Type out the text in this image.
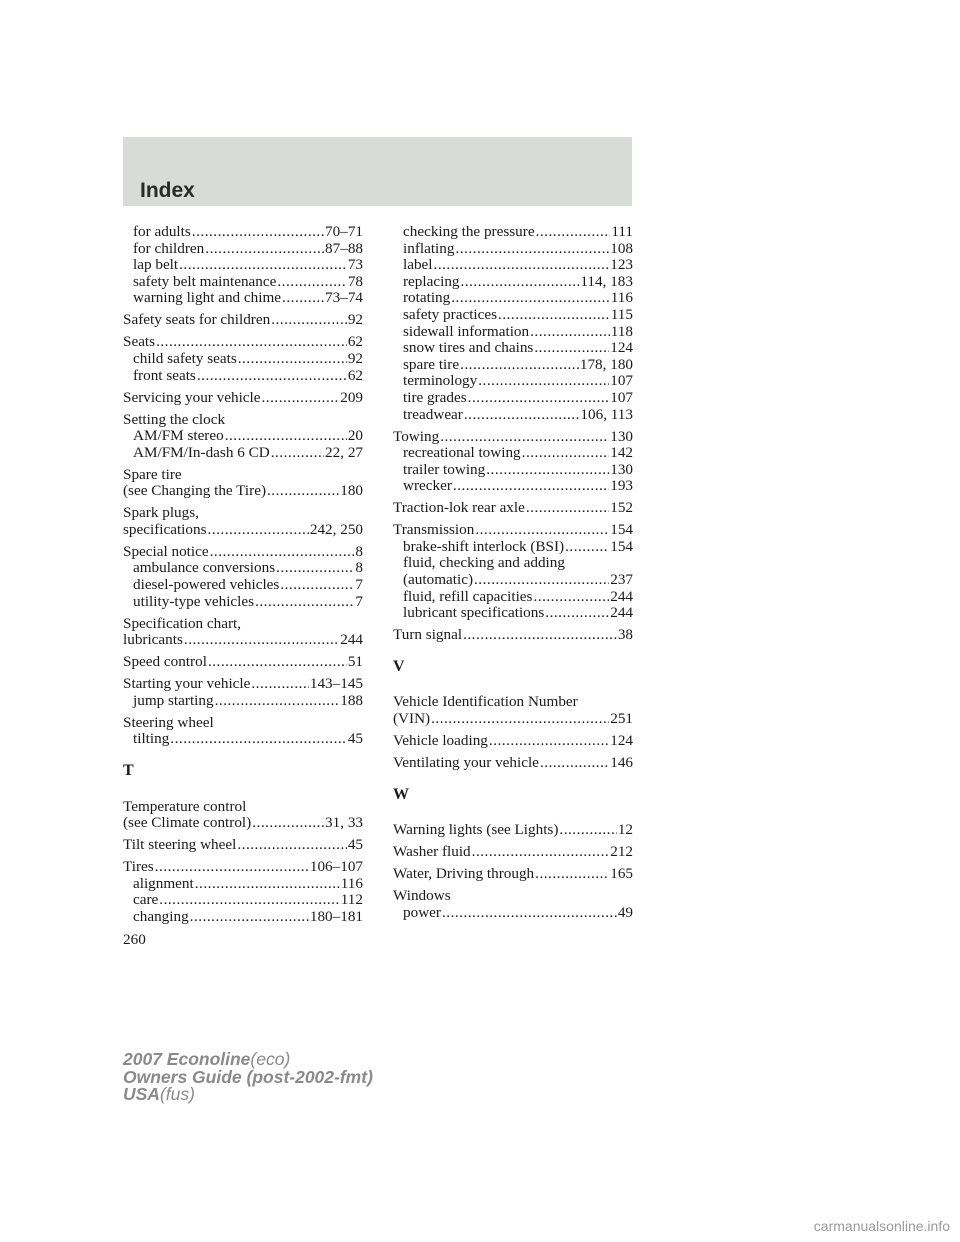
Index
for adults .....	70–71
for children .....	87–88
lap belt .....	73
safety belt maintenance .....	78
warning light and chime .....	73–74
Safety seats for children .....	92
Seats .....	62
child safety seats .....	92
front seats .....	62
Servicing your vehicle .....	209
Setting the clock
AM/FM stereo .....	20
AM/FM/In-dash 6 CD .....	22, 27
Spare tire
(see Changing the Tire) .....	180
Spark plugs,
specifications .....	242, 250
Special notice .....	8
ambulance conversions .....	8
diesel-powered vehicles .....	7
utility-type vehicles .....	7
Specification chart,
lubricants .....	244
Speed control .....	51
Starting your vehicle .....	143–145
jump starting .....	188
Steering wheel
tilting .....	45
T
Temperature control
(see Climate control) .....	31, 33
Tilt steering wheel .....	45
Tires .....	106–107
alignment .....	116
care .....	112
changing .....	180–181
checking the pressure .....	111
inflating .....	108
label .....	123
replacing .....	114, 183
rotating .....	116
safety practices .....	115
sidewall information .....	118
snow tires and chains .....	124
spare tire .....	178, 180
terminology .....	107
tire grades .....	107
treadwear .....	106, 113
Towing .....	130
recreational towing .....	142
trailer towing .....	130
wrecker .....	193
Traction-lok rear axle .....	152
Transmission .....	154
brake-shift interlock (BSI) .....	154
fluid, checking and adding
(automatic) .....	237
fluid, refill capacities .....	244
lubricant specifications .....	244
Turn signal .....	38
V
Vehicle Identification Number
(VIN) .....	251
Vehicle loading .....	124
Ventilating your vehicle .....	146
W
Warning lights (see Lights) .....	12
Washer fluid .....	212
Water, Driving through .....	165
Windows
power .....	49
260
2007 Econoline(eco)
Owners Guide (post-2002-fmt)
USA(fus)
carmanualsonline.info
